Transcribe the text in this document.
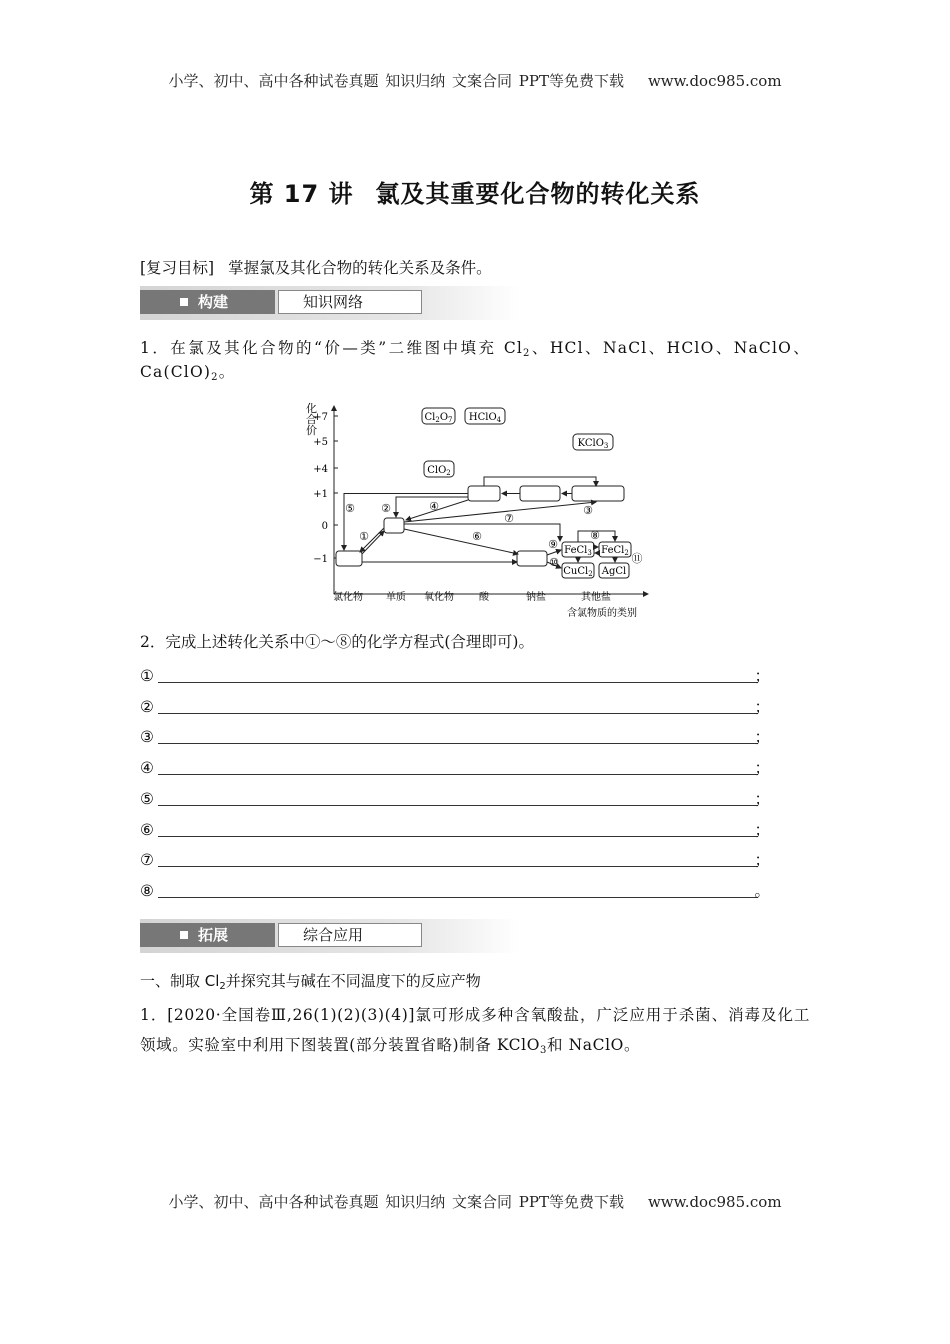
小学、初中、高中各种试卷真题 知识归纳 文案合同 PPT等免费下载 www.doc985.com
第 17 讲 氯及其重要化合物的转化关系
[复习目标] 掌握氯及其化合物的转化关系及条件。
构建	知识网络
1．在氯及其化合物的“价—类”二维图中填充 $Cl_2$、HCl、NaCl、HClO、NaClO、$Ca(ClO)_2$。
化
合
价
+7
+5
+4
+1
0
−1
氯化物 单质 氧化物	酸	钠盐	其他盐
含氯物质的类别
$Cl_2O_7$ HClO$_4$
KClO$_3$
ClO$_2$
FeCl$_3$ FeCl$_2$
CuCl$_2$ AgCl
①
②	③
④
⑤
⑥
⑦
⑧
⑨
⑩	⑪
2．完成上述转化关系中①～⑧的化学方程式(合理即可)。
①	；
②	；
③	；
④	；
⑤	；
⑥	；
⑦	；
⑧	。
拓展	综合应用
一、制取 $Cl_2$并探究其与碱在不同温度下的反应产物
1．[2020·全国卷Ⅲ,26(1)(2)(3)(4)]氯可形成多种含氧酸盐，广泛应用于杀菌、消毒及化工领域。实验室中利用下图装置(部分装置省略)制备 KClO$_3$和 NaClO。
小学、初中、高中各种试卷真题 知识归纳 文案合同 PPT等免费下载 www.doc985.com
